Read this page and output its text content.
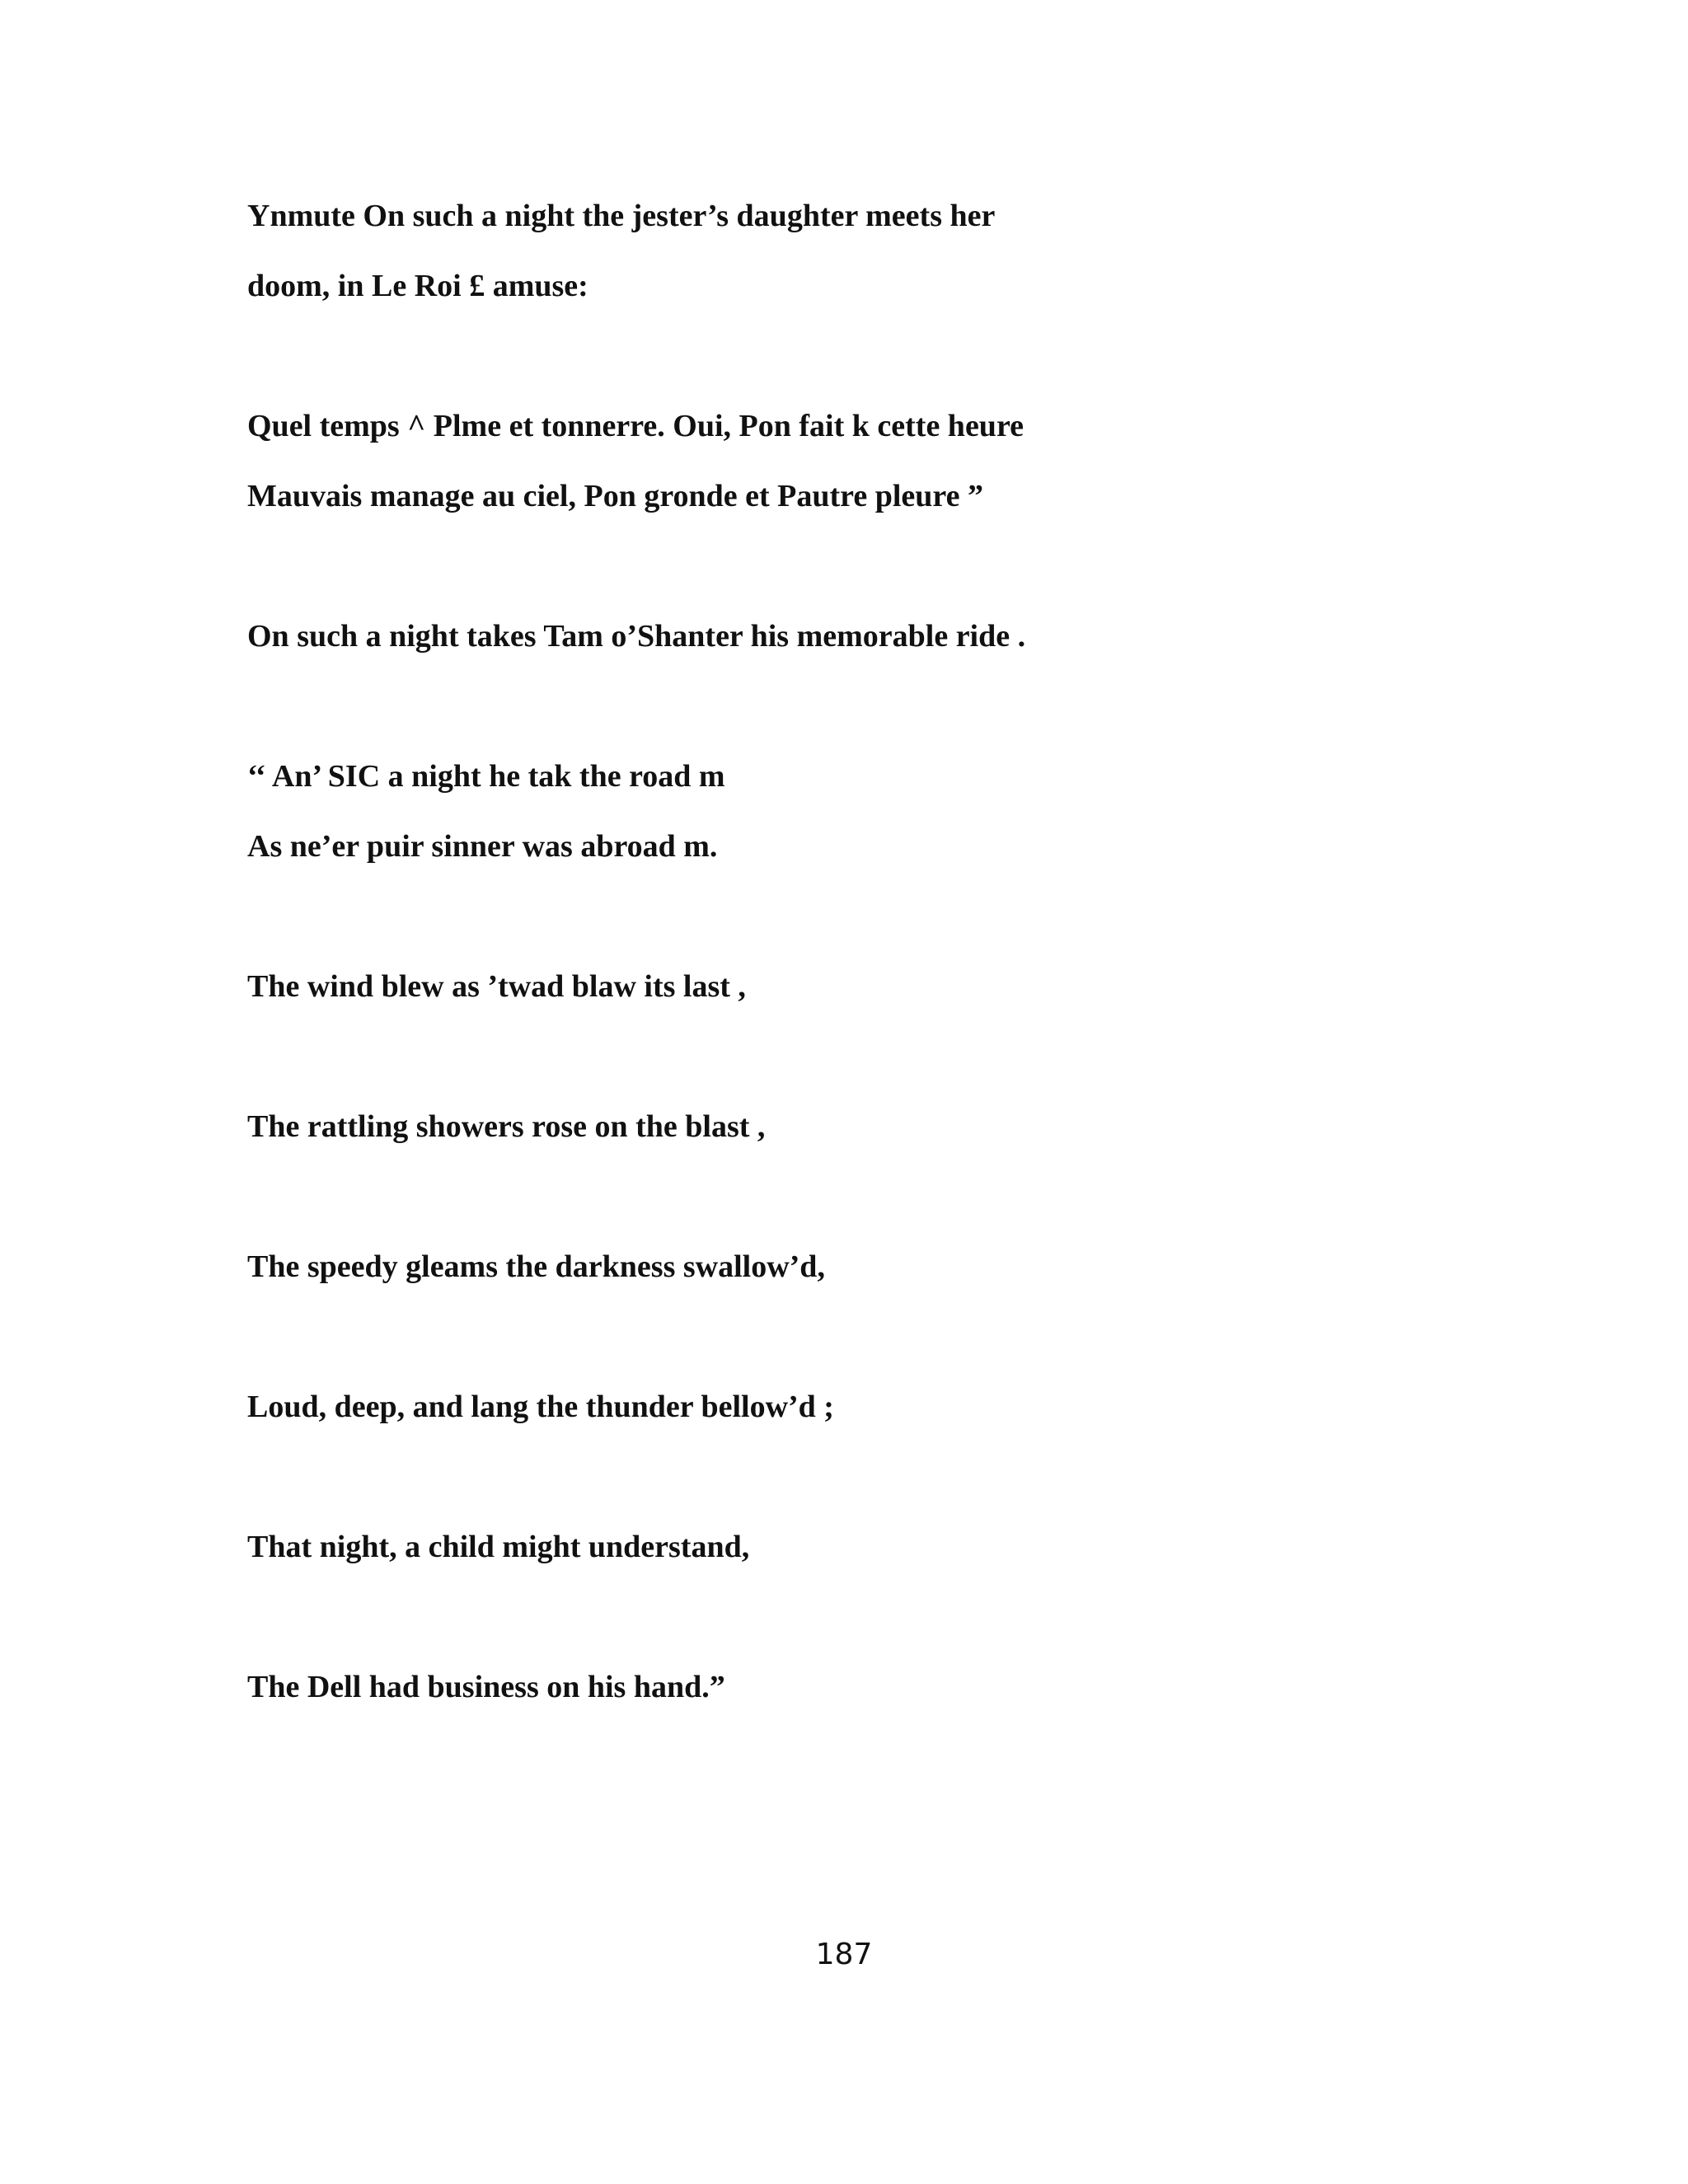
Ynmute On such a night the jester’s daughter meets her

doom, in Le Roi £ amuse:

Quel temps ^ Plme et tonnerre. Oui, Pon fait k cette heure

Mauvais manage au ciel, Pon gronde et Pautre pleure ”

On such a night takes Tam o’Shanter his memorable ride .

‘‘ An’ SIC a night he tak the road m

As ne’er puir sinner was abroad m.

The wind blew as ’twad blaw its last ,

The rattling showers rose on the blast ,

The speedy gleams the darkness swallow’d,

Loud, deep, and lang the thunder bellow’d ;

That night, a child might understand,

The Dell had business on his hand.”

187
